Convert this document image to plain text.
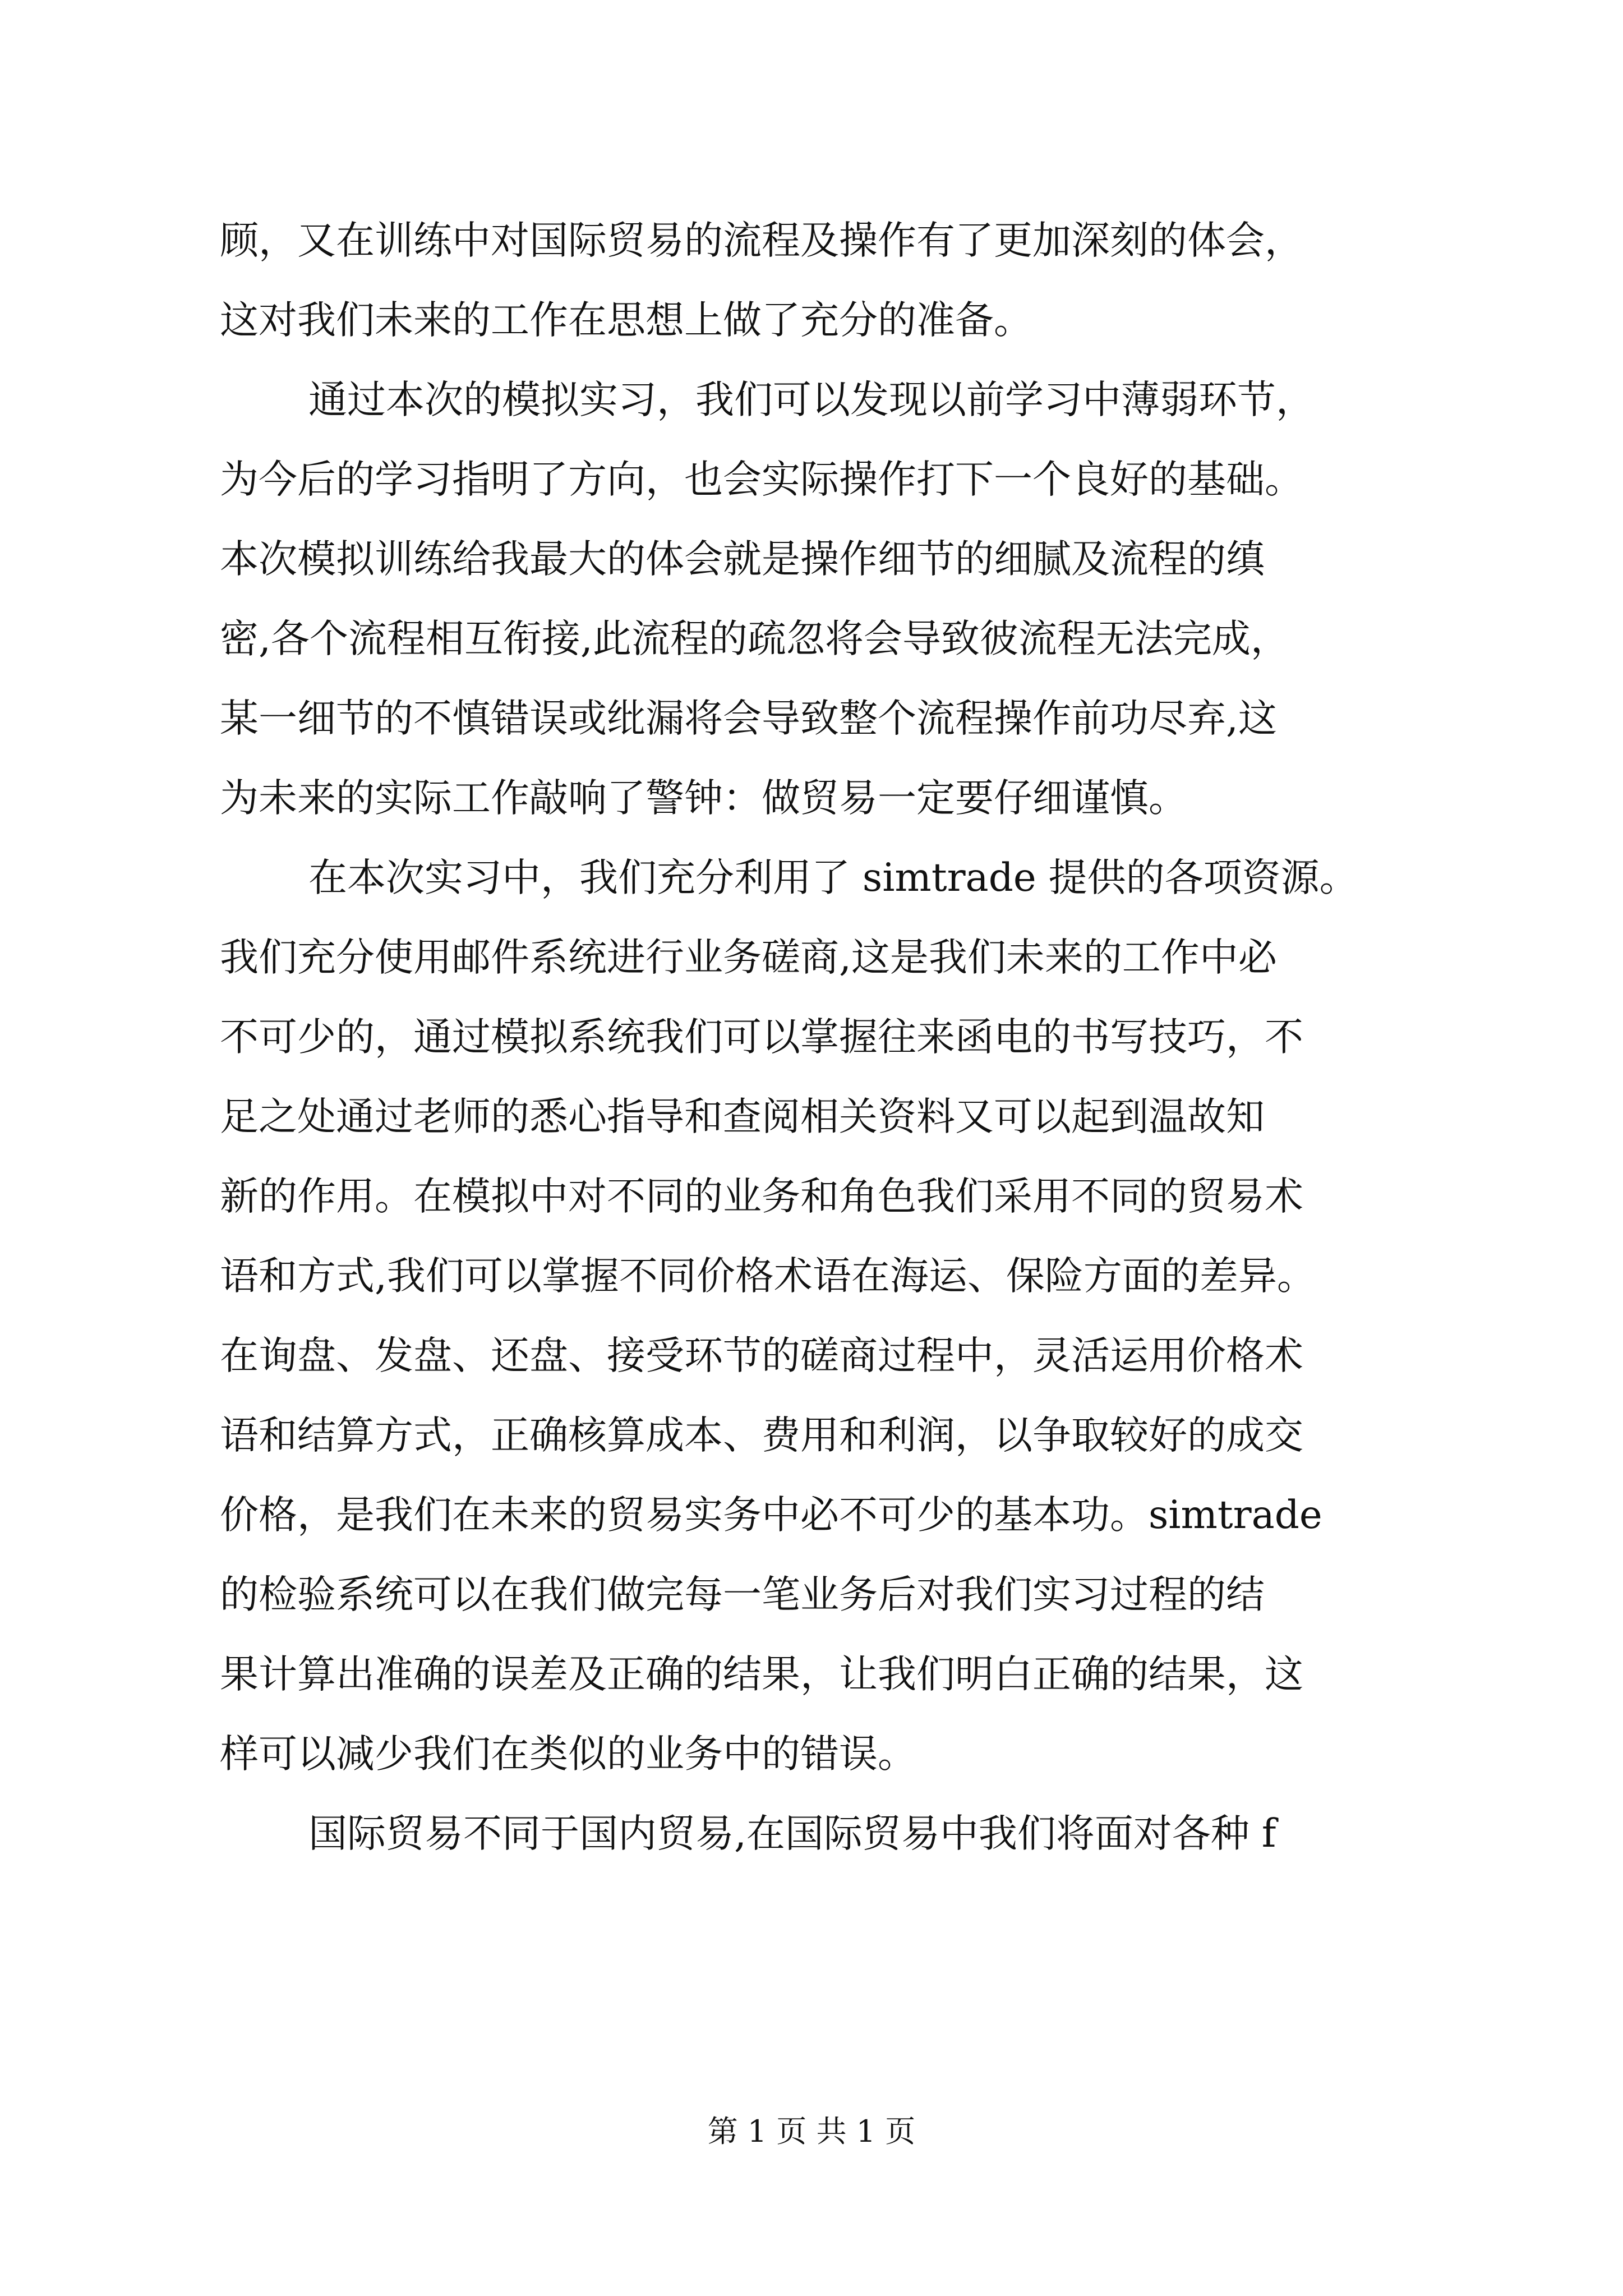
顾，又在训练中对国际贸易的流程及操作有了更加深刻的体会，
这对我们未来的工作在思想上做了充分的准备。
通过本次的模拟实习，我们可以发现以前学习中薄弱环节，
为今后的学习指明了方向，也会实际操作打下一个良好的基础。
本次模拟训练给我最大的体会就是操作细节的细腻及流程的缜
密,各个流程相互衔接,此流程的疏忽将会导致彼流程无法完成，
某一细节的不慎错误或纰漏将会导致整个流程操作前功尽弃,这
为未来的实际工作敲响了警钟：做贸易一定要仔细谨慎。
在本次实习中，我们充分利用了 simtrade 提供的各项资源。
我们充分使用邮件系统进行业务磋商,这是我们未来的工作中必
不可少的，通过模拟系统我们可以掌握往来函电的书写技巧，不
足之处通过老师的悉心指导和查阅相关资料又可以起到温故知
新的作用。在模拟中对不同的业务和角色我们采用不同的贸易术
语和方式,我们可以掌握不同价格术语在海运、保险方面的差异。
在询盘、发盘、还盘、接受环节的磋商过程中，灵活运用价格术
语和结算方式，正确核算成本、费用和利润，以争取较好的成交
价格，是我们在未来的贸易实务中必不可少的基本功。simtrade
的检验系统可以在我们做完每一笔业务后对我们实习过程的结
果计算出准确的误差及正确的结果，让我们明白正确的结果，这
样可以减少我们在类似的业务中的错误。
国际贸易不同于国内贸易,在国际贸易中我们将面对各种 f
第 1 页 共 1 页
